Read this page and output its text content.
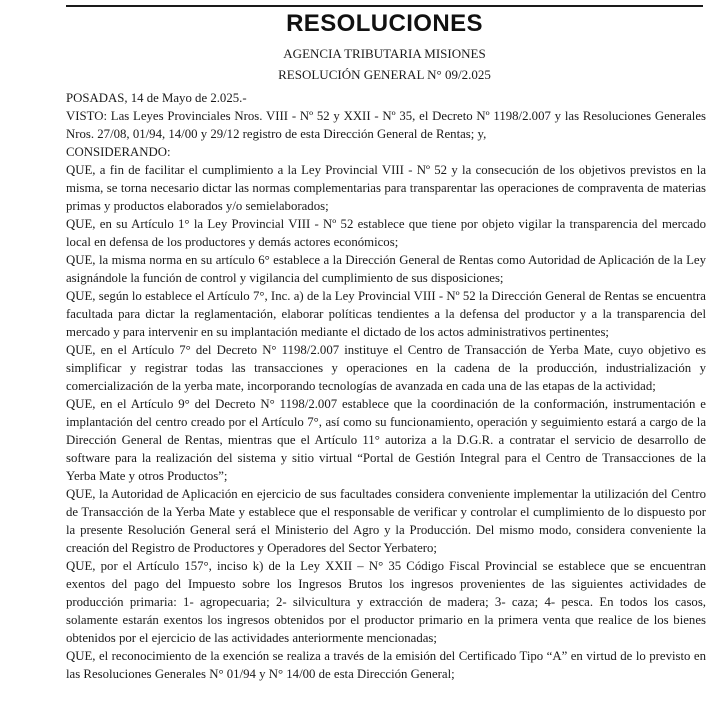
RESOLUCIONES
AGENCIA TRIBUTARIA MISIONES
RESOLUCIÓN GENERAL N° 09/2.025

POSADAS, 14 de Mayo de 2.025.-

VISTO: Las Leyes Provinciales Nros. VIII - Nº 52 y XXII - Nº 35, el Decreto Nº 1198/2.007 y las Resoluciones Generales Nros. 27/08, 01/94, 14/00 y 29/12 registro de esta Dirección General de Rentas; y,

CONSIDERANDO:

QUE, a fin de facilitar el cumplimiento a la Ley Provincial VIII - Nº 52 y la consecución de los objetivos previstos en la misma, se torna necesario dictar las normas complementarias para transparentar las operaciones de compraventa de materias primas y productos elaborados y/o semielaborados;

QUE, en su Artículo 1° la Ley Provincial VIII - Nº 52 establece que tiene por objeto vigilar la transparencia del mercado local en defensa de los productores y demás actores económicos;

QUE, la misma norma en su artículo 6° establece a la Dirección General de Rentas como Autoridad de Aplicación de la Ley asignándole la función de control y vigilancia del cumplimiento de sus disposiciones;

QUE, según lo establece el Artículo 7°, Inc. a) de la Ley Provincial VIII - Nº 52 la Dirección General de Rentas se encuentra facultada para dictar la reglamentación, elaborar políticas tendientes a la defensa del productor y a la transparencia del mercado y para intervenir en su implantación mediante el dictado de los actos administrativos pertinentes;

QUE, en el Artículo 7° del Decreto N° 1198/2.007 instituye el Centro de Transacción de Yerba Mate, cuyo objetivo es simplificar y registrar todas las transacciones y operaciones en la cadena de la producción, industrialización y comercialización de la yerba mate, incorporando tecnologías de avanzada en cada una de las etapas de la actividad;

QUE, en el Artículo 9° del Decreto N° 1198/2.007 establece que la coordinación de la conformación, instrumentación e implantación del centro creado por el Artículo 7°, así como su funcionamiento, operación y seguimiento estará a cargo de la Dirección General de Rentas, mientras que el Artículo 11° autoriza a la D.G.R. a contratar el servicio de desarrollo de software para la realización del sistema y sitio virtual “Portal de Gestión Integral para el Centro de Transacciones de la Yerba Mate y otros Productos”;

QUE, la Autoridad de Aplicación en ejercicio de sus facultades considera conveniente implementar la utilización del Centro de Transacción de la Yerba Mate y establece que el responsable de verificar y controlar el cumplimiento de lo dispuesto por la presente Resolución General será el Ministerio del Agro y la Producción. Del mismo modo, considera conveniente la creación del Registro de Productores y Operadores del Sector Yerbatero;

QUE, por el Artículo 157°, inciso k) de la Ley XXII – N° 35 Código Fiscal Provincial se establece que se encuentran exentos del pago del Impuesto sobre los Ingresos Brutos los ingresos provenientes de las siguientes actividades de producción primaria: 1- agropecuaria; 2- silvicultura y extracción de madera; 3- caza; 4- pesca. En todos los casos, solamente estarán exentos los ingresos obtenidos por el productor primario en la primera venta que realice de los bienes obtenidos por el ejercicio de las actividades anteriormente mencionadas;

QUE, el reconocimiento de la exención se realiza a través de la emisión del Certificado Tipo “A” en virtud de lo previsto en las Resoluciones Generales N° 01/94 y N° 14/00 de esta Dirección General;
